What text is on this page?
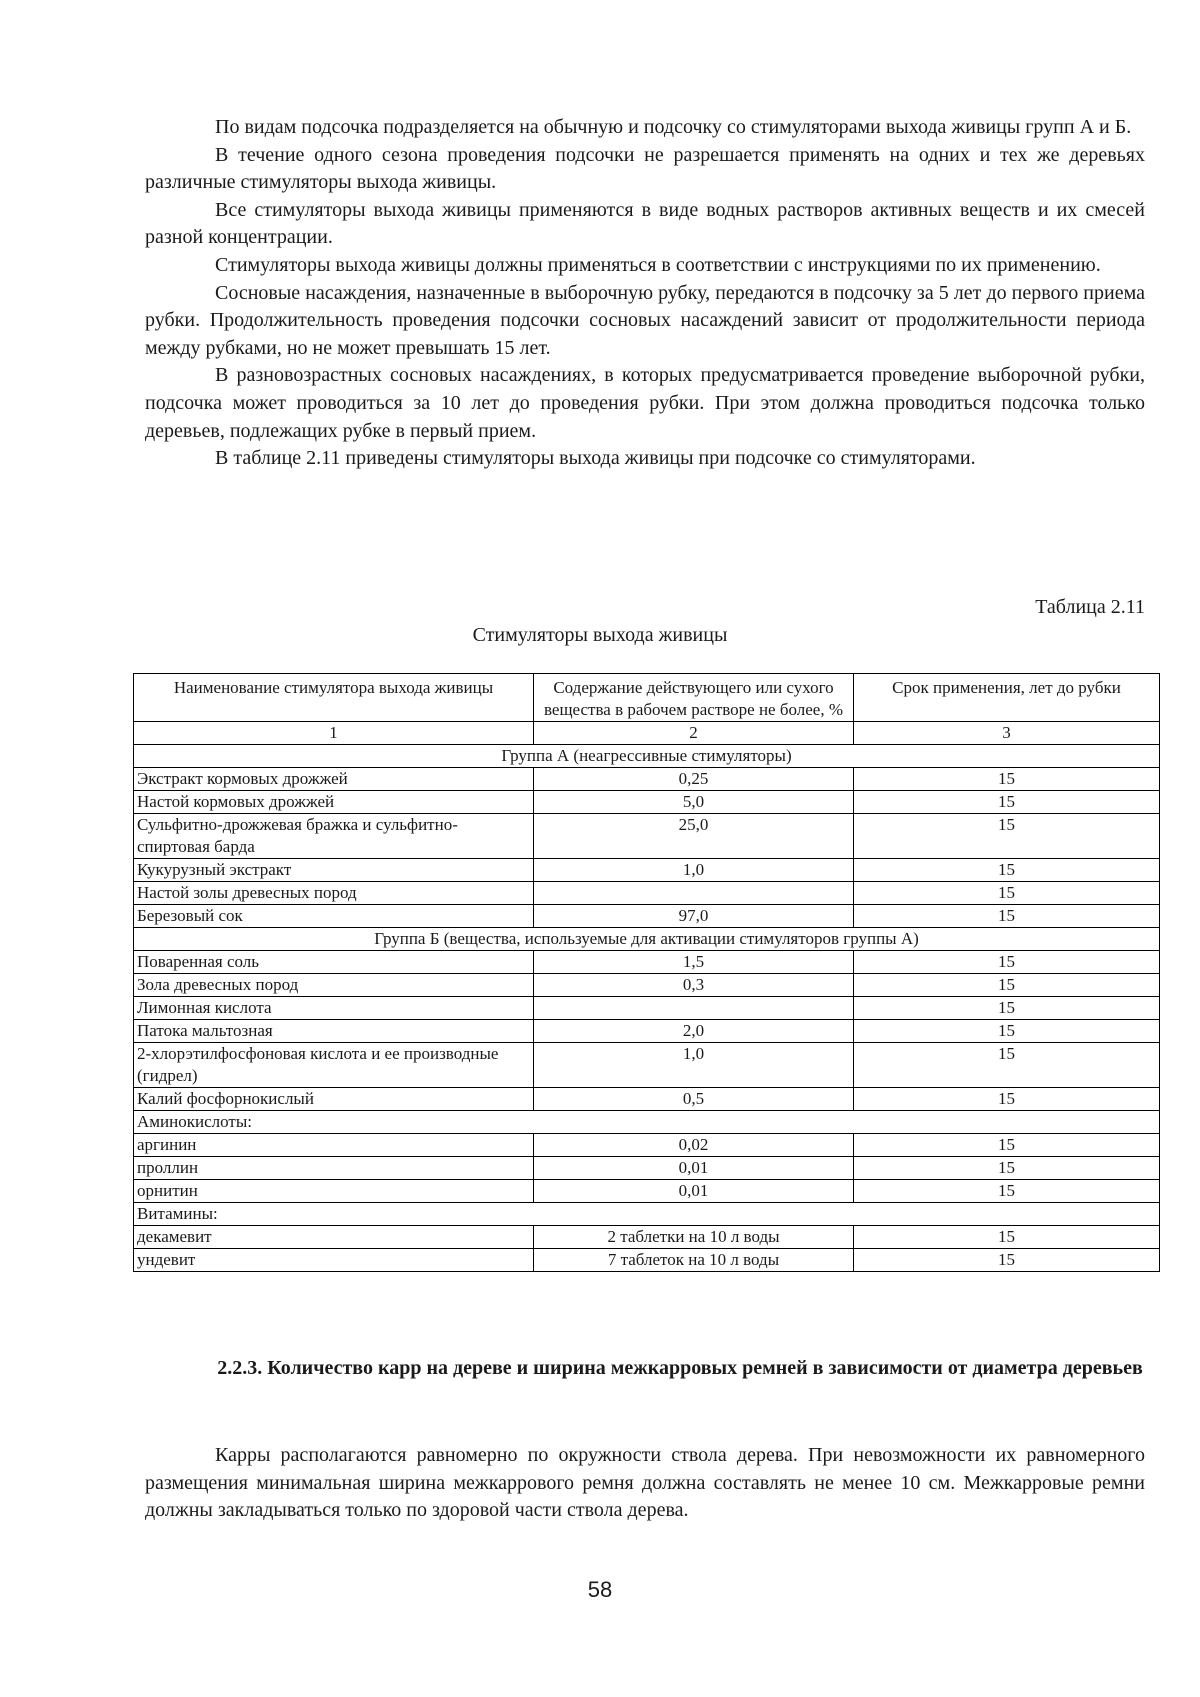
По видам подсочка подразделяется на обычную и подсочку со стимуляторами выхода живицы групп А и Б.

В течение одного сезона проведения подсочки не разрешается применять на одних и тех же деревьях различные стимуляторы выхода живицы.

Все стимуляторы выхода живицы применяются в виде водных растворов активных веществ и их смесей разной концентрации.

Стимуляторы выхода живицы должны применяться в соответствии с инструкциями по их применению.

Сосновые насаждения, назначенные в выборочную рубку, передаются в подсочку за 5 лет до первого приема рубки. Продолжительность проведения подсочки сосновых насаждений зависит от продолжительности периода между рубками, но не может превышать 15 лет.

В разновозрастных сосновых насаждениях, в которых предусматривается проведение выборочной рубки, подсочка может проводиться за 10 лет до проведения рубки. При этом должна проводиться подсочка только деревьев, подлежащих рубке в первый прием.

В таблице 2.11 приведены стимуляторы выхода живицы при подсочке со стимуляторами.

Таблица 2.11
Стимуляторы выхода живицы
Наименование стимулятора выхода живицы	Содержание действующего или сухого вещества в рабочем растворе не более, %	Срок применения, лет до рубки
1	2	3
Группа А (неагрессивные стимуляторы)		
Экстракт кормовых дрожжей	0,25	15
Настой кормовых дрожжей	5,0	15
Сульфитно-дрожжевая бражка и сульфитно-спиртовая барда	25,0	15
Кукурузный экстракт	1,0	15
Настой золы древесных пород		15
Березовый сок	97,0	15
Группа Б (вещества, используемые для активации стимуляторов группы А)		
Поваренная соль	1,5	15
Зола древесных пород	0,3	15
Лимонная кислота		15
Патока мальтозная	2,0	15
2-хлорэтилфосфоновая кислота и ее производные (гидрел)	1,0	15
Калий фосфорнокислый	0,5	15
Аминокислоты:		
аргинин	0,02	15
проллин	0,01	15
орнитин	0,01	15
Витамины:		
декамевит	2 таблетки на 10 л воды	15
ундевит	7 таблеток на 10 л воды	15
2.2.3. Количество карр на дереве и ширина межкарровых ремней в зависимости от диаметра деревьев

Карры располагаются равномерно по окружности ствола дерева. При невозможности их равномерного размещения минимальная ширина межкаррового ремня должна составлять не менее 10 см. Межкарровые ремни должны закладываться только по здоровой части ствола дерева.

58
